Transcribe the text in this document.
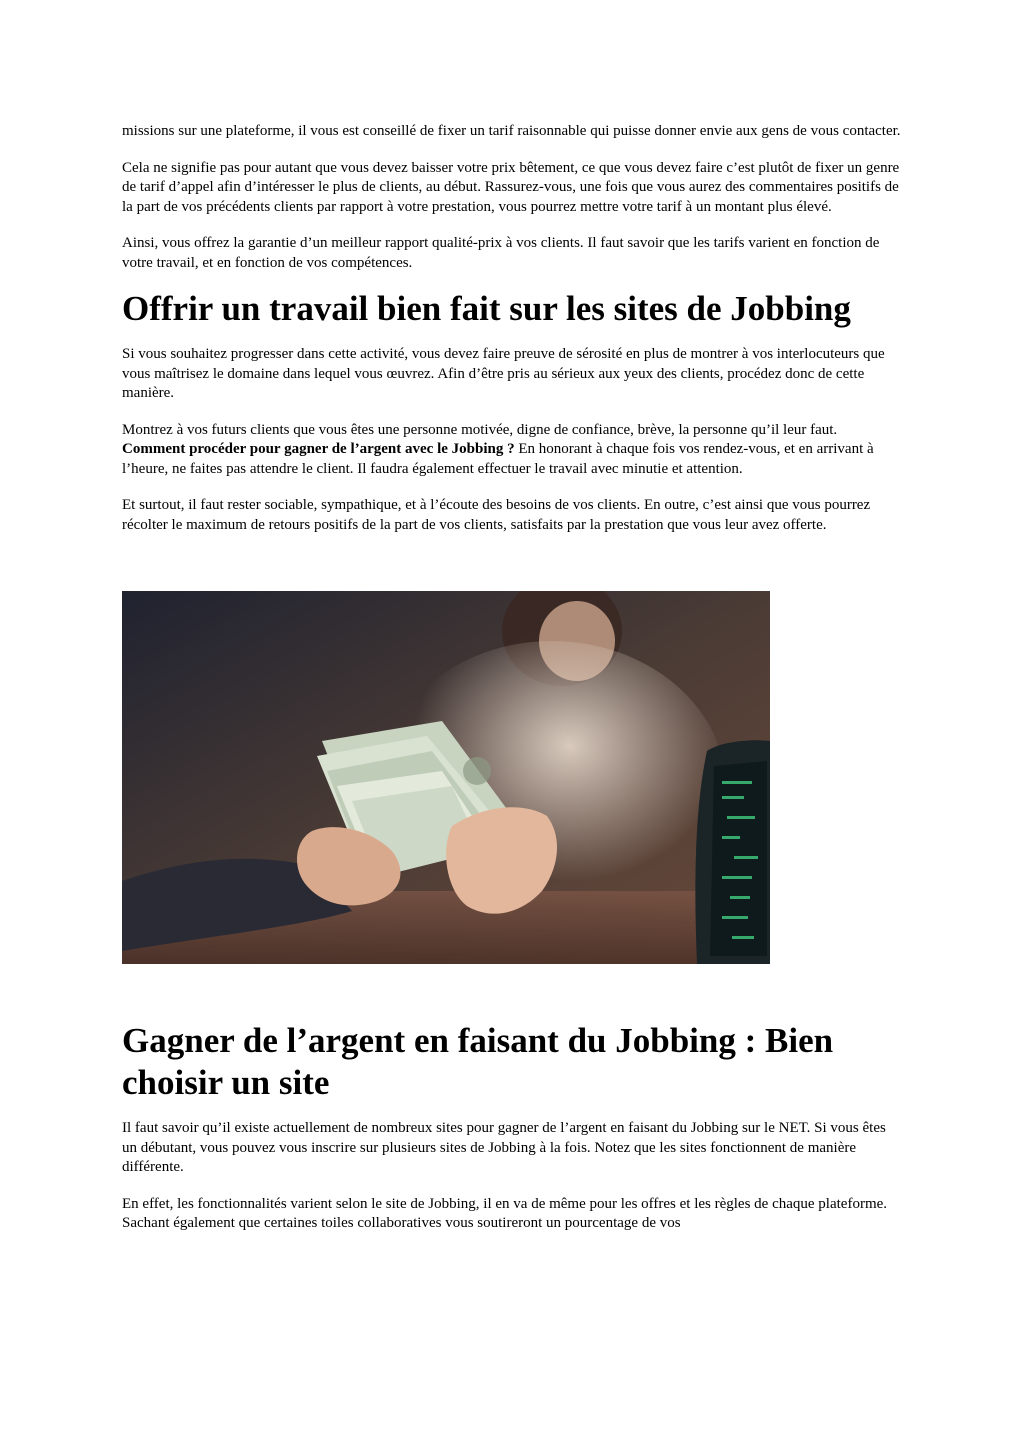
missions sur une plateforme, il vous est conseillé de fixer un tarif raisonnable qui puisse donner envie aux gens de vous contacter.

Cela ne signifie pas pour autant que vous devez baisser votre prix bêtement, ce que vous devez faire c’est plutôt de fixer un genre de tarif d’appel afin d’intéresser le plus de clients, au début. Rassurez-vous, une fois que vous aurez des commentaires positifs de la part de vos précédents clients par rapport à votre prestation, vous pourrez mettre votre tarif à un montant plus élevé.

Ainsi, vous offrez la garantie d’un meilleur rapport qualité-prix à vos clients. Il faut savoir que les tarifs varient en fonction de votre travail, et en fonction de vos compétences.

Offrir un travail bien fait sur les sites de Jobbing

Si vous souhaitez progresser dans cette activité, vous devez faire preuve de sérosité en plus de montrer à vos interlocuteurs que vous maîtrisez le domaine dans lequel vous œuvrez. Afin d’être pris au sérieux aux yeux des clients, procédez donc de cette manière.

Montrez à vos futurs clients que vous êtes une personne motivée, digne de confiance, brève, la personne qu’il leur faut. Comment procéder pour gagner de l’argent avec le Jobbing ? En honorant à chaque fois vos rendez-vous, et en arrivant à l’heure, ne faites pas attendre le client. Il faudra également effectuer le travail avec minutie et attention.

Et surtout, il faut rester sociable, sympathique, et à l’écoute des besoins de vos clients. En outre, c’est ainsi que vous pourrez récolter le maximum de retours positifs de la part de vos clients, satisfaits par la prestation que vous leur avez offerte.

Gagner de l’argent en faisant du Jobbing : Bien choisir un site

Il faut savoir qu’il existe actuellement de nombreux sites pour gagner de l’argent en faisant du Jobbing sur le NET. Si vous êtes un débutant, vous pouvez vous inscrire sur plusieurs sites de Jobbing à la fois. Notez que les sites fonctionnent de manière différente.

En effet, les fonctionnalités varient selon le site de Jobbing, il en va de même pour les offres et les règles de chaque plateforme. Sachant également que certaines toiles collaboratives vous soutireront un pourcentage de vos
